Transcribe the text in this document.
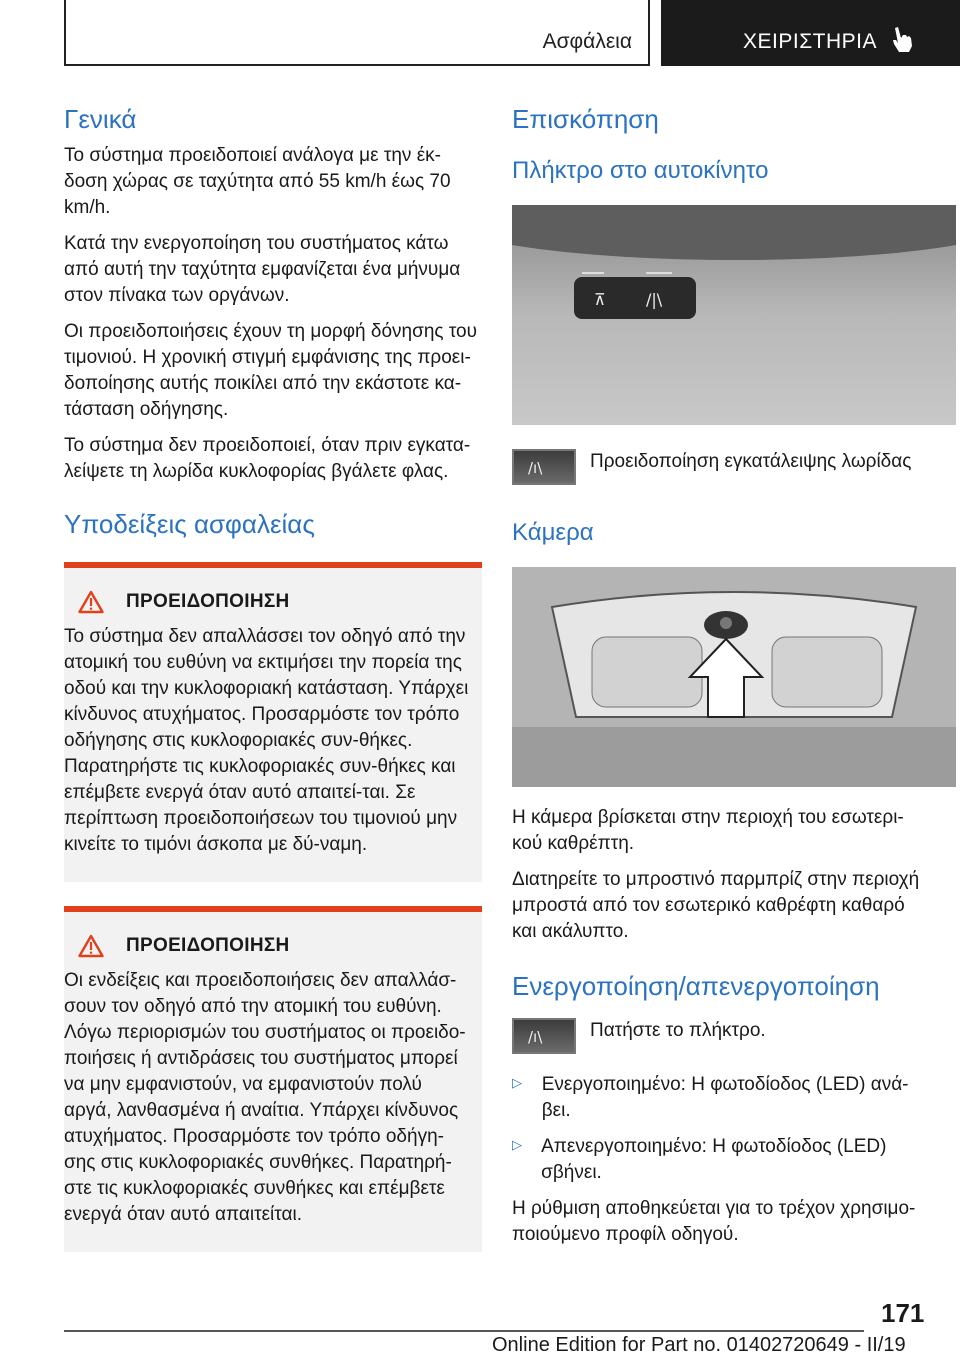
Ασφάλεια	ΧΕΙΡΙΣΤΗΡΙΑ
Γενικά

Το σύστημα προειδοποιεί ανάλογα με την έκ-δοση χώρας σε ταχύτητα από 55 km/h έως 70 km/h.

Κατά την ενεργοποίηση του συστήματος κάτω από αυτή την ταχύτητα εμφανίζεται ένα μήνυμα στον πίνακα των οργάνων.

Οι προειδοποιήσεις έχουν τη μορφή δόνησης του τιμονιού. Η χρονική στιγμή εμφάνισης της προει-δοποίησης αυτής ποικίλει από την εκάστοτε κα-τάσταση οδήγησης.

Το σύστημα δεν προειδοποιεί, όταν πριν εγκατα-λείψετε τη λωρίδα κυκλοφορίας βγάλετε φλας.

Υποδείξεις ασφαλείας
ΠΡΟΕΙΔΟΠΟΙΗΣΗ

Το σύστημα δεν απαλλάσσει τον οδηγό από την ατομική του ευθύνη να εκτιμήσει την πορεία της οδού και την κυκλοφοριακή κατάσταση. Υπάρχει κίνδυνος ατυχήματος. Προσαρμόστε τον τρόπο οδήγησης στις κυκλοφοριακές συν-θήκες. Παρατηρήστε τις κυκλοφοριακές συν-θήκες και επέμβετε ενεργά όταν αυτό απαιτεί-ται. Σε περίπτωση προειδοποιήσεων του τιμονιού μην κινείτε το τιμόνι άσκοπα με δύ-ναμη.

ΠΡΟΕΙΔΟΠΟΙΗΣΗ

Οι ενδείξεις και προειδοποιήσεις δεν απαλλάσ-σουν τον οδηγό από την ατομική του ευθύνη. Λόγω περιορισμών του συστήματος οι προειδο-ποιήσεις ή αντιδράσεις του συστήματος μπορεί να μην εμφανιστούν, να εμφανιστούν πολύ αργά, λανθασμένα ή αναίτια. Υπάρχει κίνδυνος ατυχήματος. Προσαρμόστε τον τρόπο οδήγη-σης στις κυκλοφοριακές συνθήκες. Παρατηρή-στε τις κυκλοφοριακές συνθήκες και επέμβετε ενεργά όταν αυτό απαιτείται.

Επισκόπηση
Πλήκτρο στο αυτοκίνητο
⊼	/|\
/ı\	Προειδοποίηση εγκατάλειψης λωρίδας

Κάμερα

Η κάμερα βρίσκεται στην περιοχή του εσωτερι-κού καθρέπτη.

Διατηρείτε το μπροστινό παρμπρίζ στην περιοχή μπροστά από τον εσωτερικό καθρέφτη καθαρό και ακάλυπτο.

Ενεργοποίηση/απενεργοποίηση
/ı\	Πατήστε το πλήκτρο.

▷	Ενεργοποιημένο: Η φωτοδίοδος (LED) ανά-βει.

▷ Απενεργοποιημένο: Η φωτοδίοδος (LED) σβήνει.

Η ρύθμιση αποθηκεύεται για το τρέχον χρησιμο-ποιούμενο προφίλ οδηγού.

171
Online Edition for Part no. 01402720649 - II/19
